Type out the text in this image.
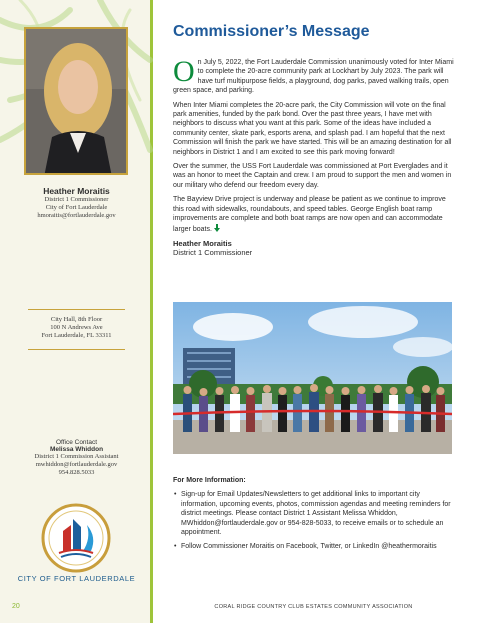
Heather Moraitis
District 1 Commissioner
City of Fort Lauderdale
hmoraitis@fortlauderdale.gov
City Hall, 8th Floor
100 N Andrews Ave
Fort Lauderdale, FL 33311
Office Contact
Melissa Whiddon
District 1 Commission Assistant
mwhiddon@fortlauderdale.gov
954.828.5033
CITY OF FORT LAUDERDALE
Commissioner’s Message

On July 5, 2022, the Fort Lauderdale Commission unanimously voted for Inter Miami to complete the 20-acre community park at Lockhart by July 2023. The park will have turf multipurpose fields, a playground, dog parks, paved walking trails, open green space, and parking.

When Inter Miami completes the 20-acre park, the City Commission will vote on the final park amenities, funded by the park bond. Over the past three years, I have met with neighbors to discuss what you want at this park. Some of the ideas have included a community center, skate park, esports arena, and splash pad. I am hopeful that the next Commission will finish the park we have started. This will be an amazing destination for all neighbors in District 1 and I am excited to see this park moving forward!

Over the summer, the USS Fort Lauderdale was commissioned at Port Everglades and it was an honor to meet the Captain and crew. I am proud to support the men and women in our military who defend our freedom every day.

The Bayview Drive project is underway and please be patient as we continue to improve this road with sidewalks, roundabouts, and speed tables. George English boat ramp improvements are complete and both boat ramps are now open and can accommodate larger boats.

Heather Moraitis
District 1 Commissioner
For More Information:
• Sign-up for Email Updates/Newsletters to get additional links to important city information, upcoming events, photos, commission agendas and meeting reminders for district meetings. Please contact District 1 Assistant Melissa Whiddon, MWhiddon@fortlauderdale.gov or 954-828-5033, to receive emails or to schedule an appointment.
• Follow Commissioner Moraitis on Facebook, Twitter, or LinkedIn @heathermoraitis
20	CORAL RIDGE COUNTRY CLUB ESTATES COMMUNITY ASSOCIATION
